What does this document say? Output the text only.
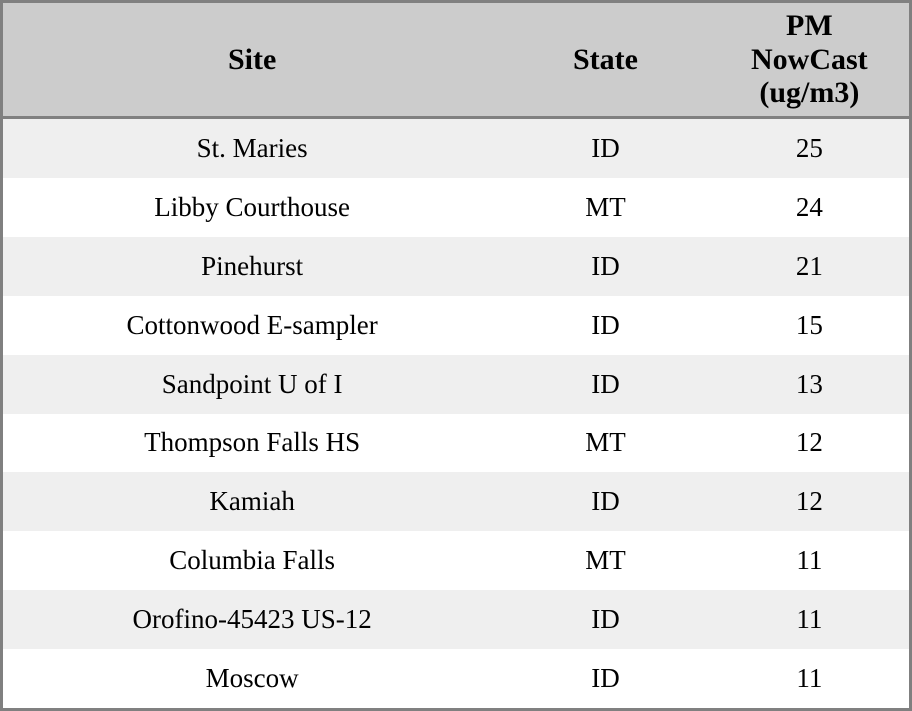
Site	State	PM
NowCast
(ug/m3)
St. Maries	ID	25
Libby Courthouse	MT	24
Pinehurst	ID	21
Cottonwood E-sampler	ID	15
Sandpoint U of I	ID	13
Thompson Falls HS	MT	12
Kamiah	ID	12
Columbia Falls	MT	11
Orofino-45423 US-12	ID	11
Moscow	ID	11
